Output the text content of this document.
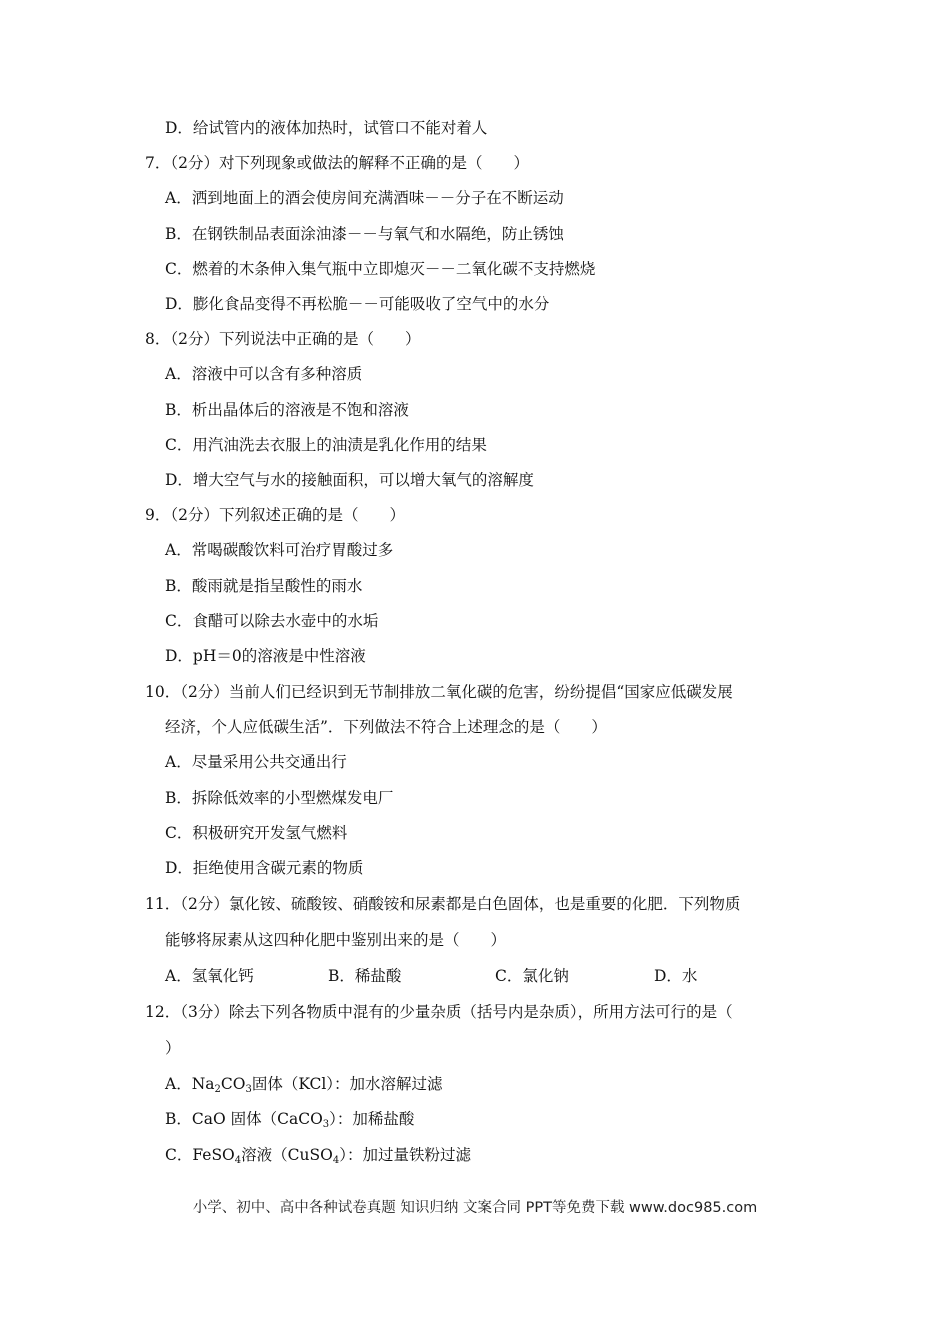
D．给试管内的液体加热时，试管口不能对着人
7．（2分）对下列现象或做法的解释不正确的是（　　）
A．洒到地面上的酒会使房间充满酒味－－分子在不断运动
B．在钢铁制品表面涂油漆－－与氧气和水隔绝，防止锈蚀
C．燃着的木条伸入集气瓶中立即熄灭－－二氧化碳不支持燃烧
D．膨化食品变得不再松脆－－可能吸收了空气中的水分
8．（2分）下列说法中正确的是（　　）
A．溶液中可以含有多种溶质
B．析出晶体后的溶液是不饱和溶液
C．用汽油洗去衣服上的油渍是乳化作用的结果
D．增大空气与水的接触面积，可以增大氧气的溶解度
9．（2分）下列叙述正确的是（　　）
A．常喝碳酸饮料可治疗胃酸过多
B．酸雨就是指呈酸性的雨水
C．食醋可以除去水壶中的水垢
D．pH＝0的溶液是中性溶液
10．（2分）当前人们已经识到无节制排放二氧化碳的危害，纷纷提倡“国家应低碳发展
经济，个人应低碳生活”．下列做法不符合上述理念的是（　　）
A．尽量采用公共交通出行
B．拆除低效率的小型燃煤发电厂
C．积极研究开发氢气燃料
D．拒绝使用含碳元素的物质
11．（2分）氯化铵、硫酸铵、硝酸铵和尿素都是白色固体，也是重要的化肥．下列物质
能够将尿素从这四种化肥中鉴别出来的是（　　）
A．氢氧化钙	B．稀盐酸	C．氯化钠	D．水
12．（3分）除去下列各物质中混有的少量杂质（括号内是杂质），所用方法可行的是（
）
A．$Na_2CO_3$固体（KCl）：加水溶解过滤
B．CaO 固体（CaCO$_3$）：加稀盐酸
C．FeSO$_4$溶液（CuSO$_4$）：加过量铁粉过滤
小学、初中、高中各种试卷真题 知识归纳 文案合同 PPT等免费下载 www.doc985.com
